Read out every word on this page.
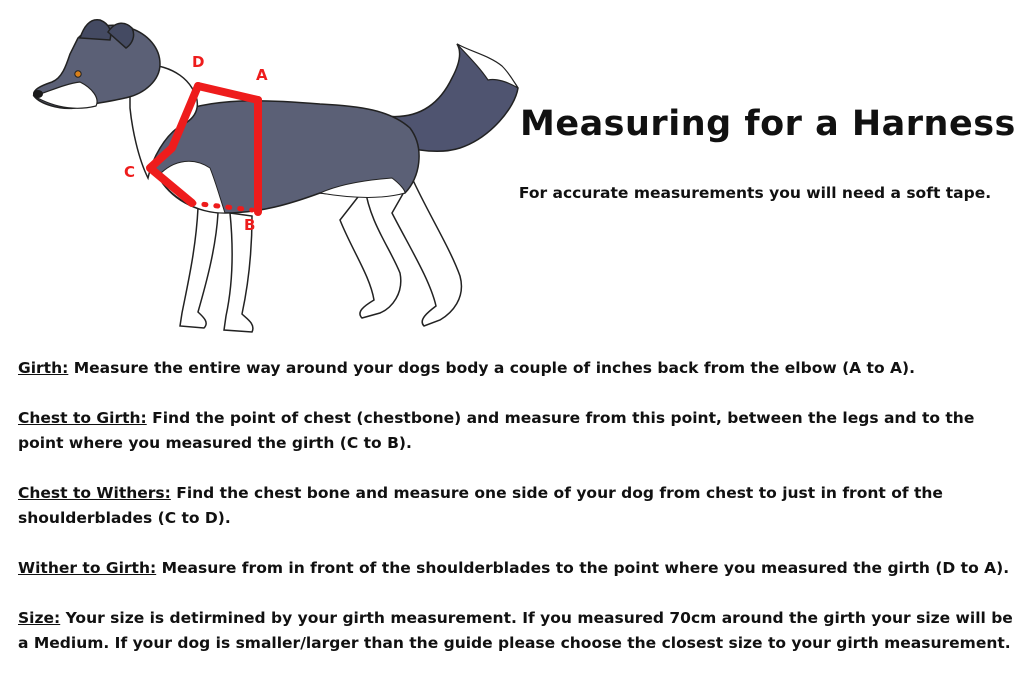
D
A
C
B
Measuring for a Harness
For accurate measurements you will need a soft tape.

Girth: Measure the entire way around your dogs body a couple of inches back from the elbow (A to A).

Chest to Girth: Find the point of chest (chestbone) and measure from this point, between the legs and to the point where you measured the girth (C to B).

Chest to Withers: Find the chest bone and measure one side of your dog from chest to just in front of the shoulderblades (C to D).

Wither to Girth: Measure from in front of the shoulderblades to the point where you measured the girth (D to A).

Size: Your size is detirmined by your girth measurement. If you measured 70cm around the girth your size will be a Medium. If your dog is smaller/larger than the guide please choose the closest size to your girth measurement.
